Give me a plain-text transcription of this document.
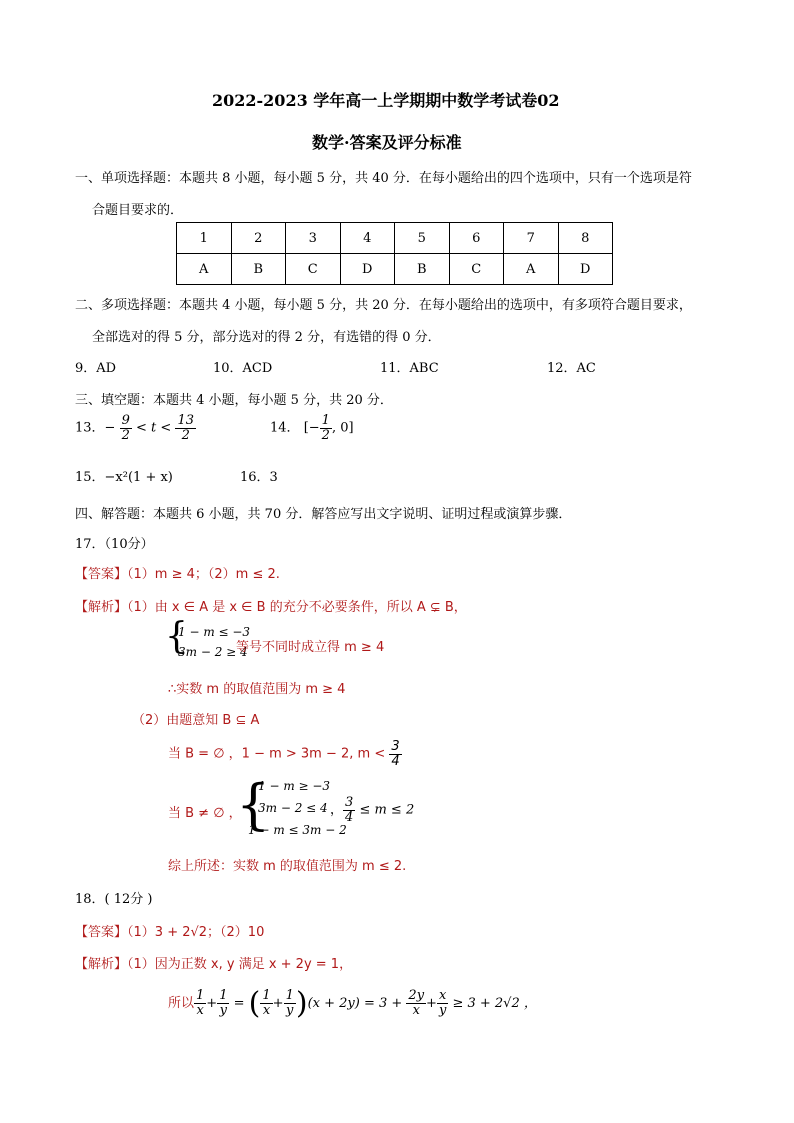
2022-2023 学年高一上学期期中数学考试卷02
数学·答案及评分标准
一、单项选择题：本题共 8 小题，每小题 5 分，共 40 分．在每小题给出的四个选项中，只有一个选项是符
合题目要求的．
1	2	3	4	5	6	7	8
A	B	C	D	B	C	A	D
二、多项选择题：本题共 4 小题，每小题 5 分，共 20 分．在每小题给出的选项中，有多项符合题目要求，
全部选对的得 5 分，部分选对的得 2 分，有选错的得 0 分．
9．AD	10．ACD	11．ABC	12．AC
三、填空题：本题共 4 小题，每小题 5 分，共 20 分．
13．− $\frac{9}{2} < t < \frac{13}{2}$	14． [− $\frac{1}{2}$ , 0]
15．−x²(1 + x)	16．3
四、解答题：本题共 6 小题，共 70 分．解答应写出文字说明、证明过程或演算步骤．
17．（10分）
【答案】（1）m ≥ 4；（2）m ≤ 2.
【解析】（1）由 x ∈ A 是 x ∈ B 的充分不必要条件，所以 A ⊊ B，
{
1 − m ≤ −3
3m − 2 ≥ 4
等号不同时成立得 m ≥ 4
∴实数 m 的取值范围为 m ≥ 4
（2）由题意知 B ⊆ A
当 B = ∅ ，1 − m > 3m − 2, $m < \frac{3}{4}$
当 B ≠ ∅ ，
{
1 − m ≥ −3
3m − 2 ≤ 4
1 − m ≤ 3m − 2
， $\frac{3}{4} \le m \le 2$
综上所述：实数 m 的取值范围为 m ≤ 2.
18．( 12分 )
【答案】（1）3 + 2√2；（2）10
【解析】（1）因为正数 x, y 满足 x + 2y = 1，
所以 $\frac{1}{x} + \frac{1}{y}$ = ( $\frac{1}{x} + \frac{1}{y} )(x + 2y) = 3 + \frac{2y}{x} + \frac{x}{y} \ge 3 + 2√2$ ，
